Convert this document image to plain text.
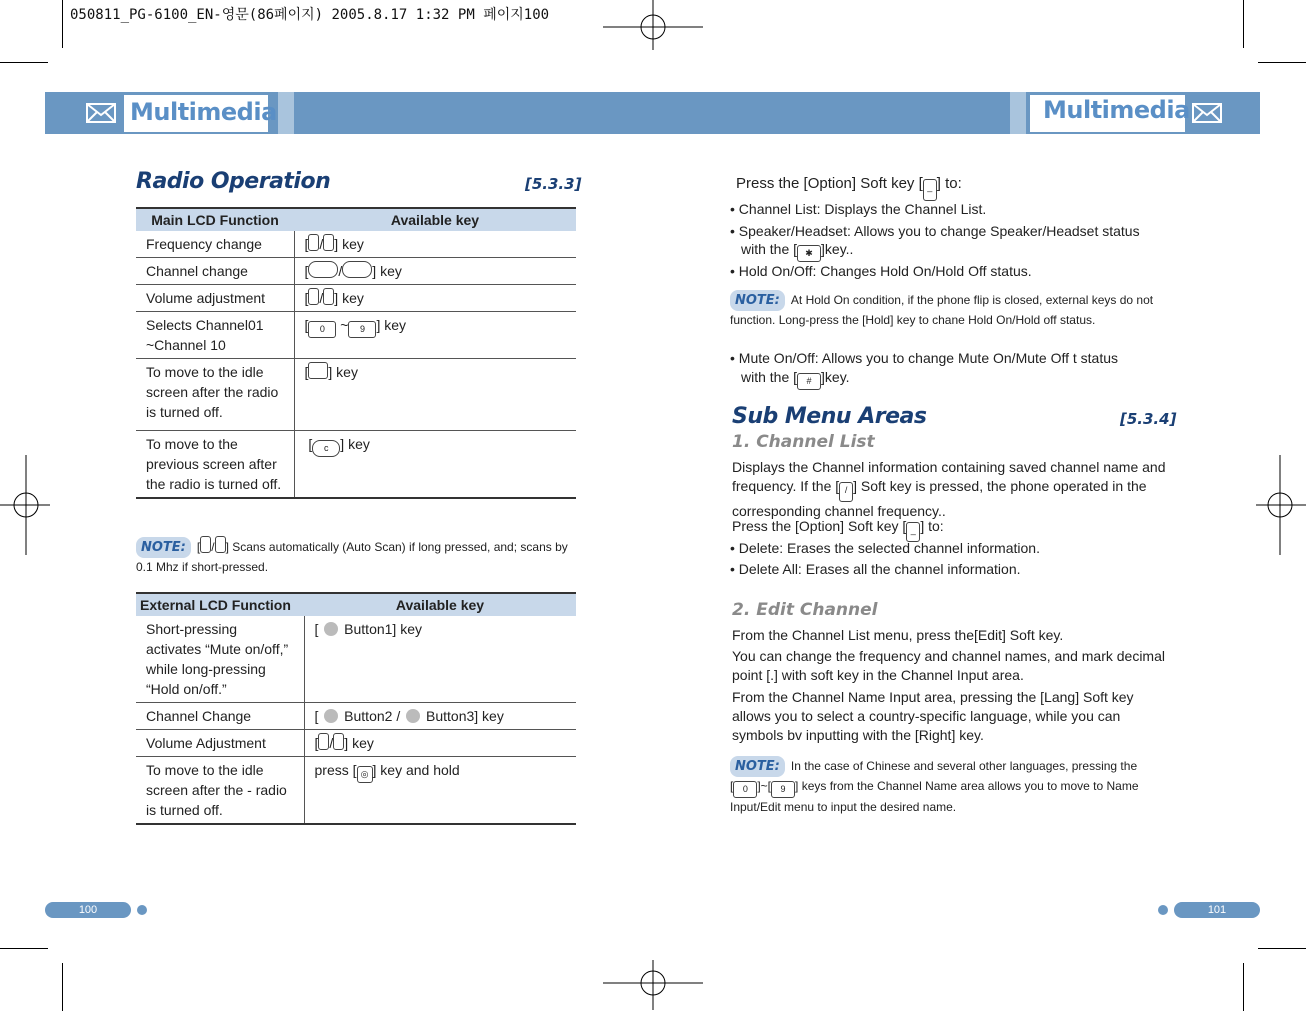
050811_PG-6100_EN-영문(86페이지) 2005.8.17 1:32 PM 페이지100
Multimedia	Multimedia
Radio Operation	[5.3.3]
Main LCD Function	Available key
Frequency change	[ / ] key
Channel change	[ / ] key
Volume adjustment	[ / ] key
Selects Channel01 ~Channel 10	[ 0 ~ 9 ] key
To move to the idle screen after the radio is turned off.	[ ] key
To move to the previous screen after the radio is turned off.	[ c ] key
NOTE: [ / ] Scans automatically (Auto Scan) if long pressed, and; scans by 0.1 Mhz if short-pressed.
External LCD Function	Available key
Short-pressing activates “Mute on/off,” while long-pressing “Hold on/off.”	[  Button1] key
Channel Change	[  Button2 / Button3] key
Volume Adjustment	[ / ] key
To move to the idle screen after the - radio is turned off.	press [ ◎ ] key and hold
Press the [Option] Soft key [ _ ] to:
• Channel List: Displays the Channel List.
• Speaker/Headset: Allows you to change Speaker/Headset status
with the [ ✱ ]key..
• Hold On/Off: Changes Hold On/Hold Off status.
NOTE: At Hold On condition, if the phone flip is closed, external keys do not function. Long-press the [Hold] key to chane Hold On/Hold off status.
• Mute On/Off: Allows you to change Mute On/Mute Off t status
with the [ # ]key.
Sub Menu Areas	[5.3.4]
1. Channel List
Displays the Channel information containing saved channel name and frequency. If the [ / ] Soft key is pressed, the phone operated in the corresponding channel frequency..
Press the [Option] Soft key [ _ ] to:
• Delete: Erases the selected channel information.
• Delete All: Erases all the channel information.
2. Edit Channel
From the Channel List menu, press the[Edit] Soft key.
You can change the frequency and channel names, and mark decimal point [.] with soft key in the Channel Input area.
From the Channel Name Input area, pressing the [Lang] Soft key allows you to select a country-specific language, while you can symbols bv inputting with the [Right] key.
NOTE: In the case of Chinese and several other languages, pressing the
[ 0 ]~[ 9 ] keys from the Channel Name area allows you to move to Name Input/Edit menu to input the desired name.
100	101
